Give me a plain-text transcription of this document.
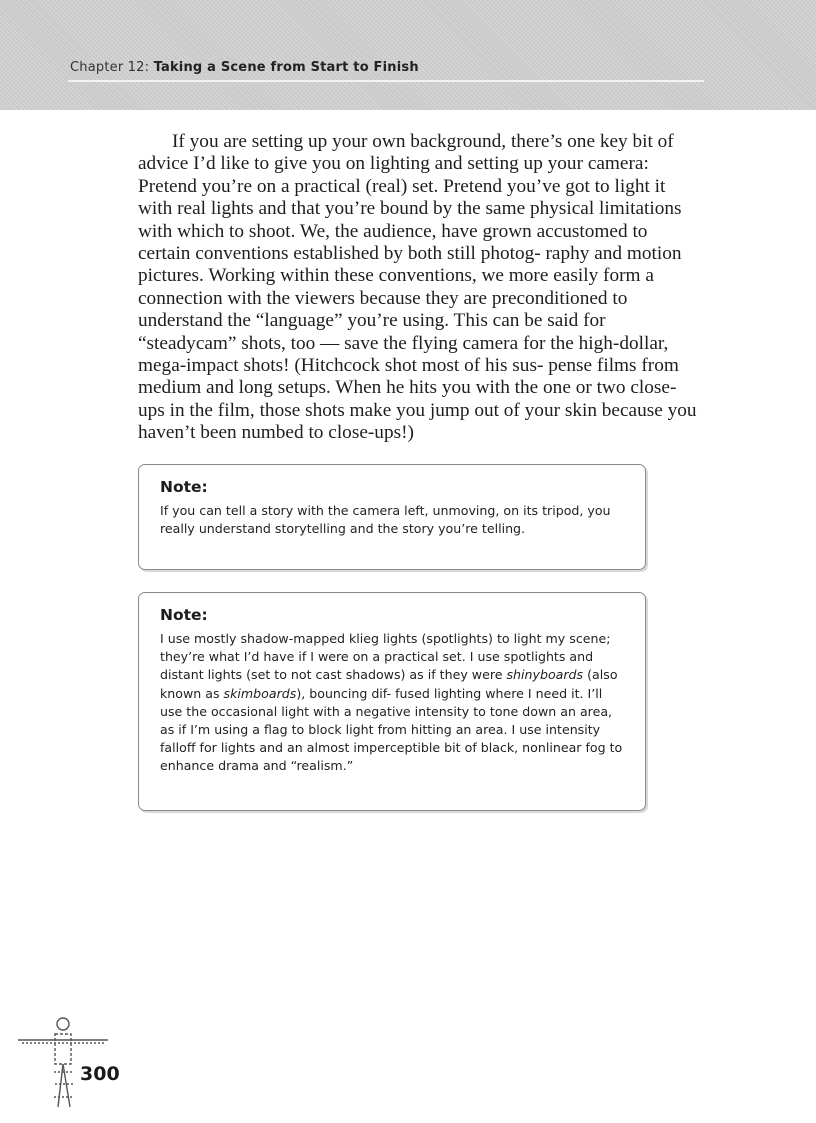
Chapter 12: Taking a Scene from Start to Finish

If you are setting up your own background, there’s one key bit of advice I’d like to give you on lighting and setting up your camera: Pretend you’re on a practical (real) set. Pretend you’ve got to light it with real lights and that you’re bound by the same physical limitations with which to shoot. We, the audience, have grown accustomed to certain conventions established by both still photog- raphy and motion pictures. Working within these conventions, we more easily form a connection with the viewers because they are preconditioned to understand the “language” you’re using. This can be said for “steadycam” shots, too — save the flying camera for the high-dollar, mega-impact shots! (Hitchcock shot most of his sus- pense films from medium and long setups. When he hits you with the one or two close-ups in the film, those shots make you jump out of your skin because you haven’t been numbed to close-ups!)

Note:

If you can tell a story with the camera left, unmoving, on its tripod, you really understand storytelling and the story you’re telling.

Note:

I use mostly shadow-mapped klieg lights (spotlights) to light my scene; they’re what I’d have if I were on a practical set. I use spotlights and distant lights (set to not cast shadows) as if they were shinyboards (also known as skimboards), bouncing dif- fused lighting where I need it. I’ll use the occasional light with a negative intensity to tone down an area, as if I’m using a flag to block light from hitting an area. I use intensity falloff for lights and an almost imperceptible bit of black, nonlinear fog to enhance drama and “realism.”

300
